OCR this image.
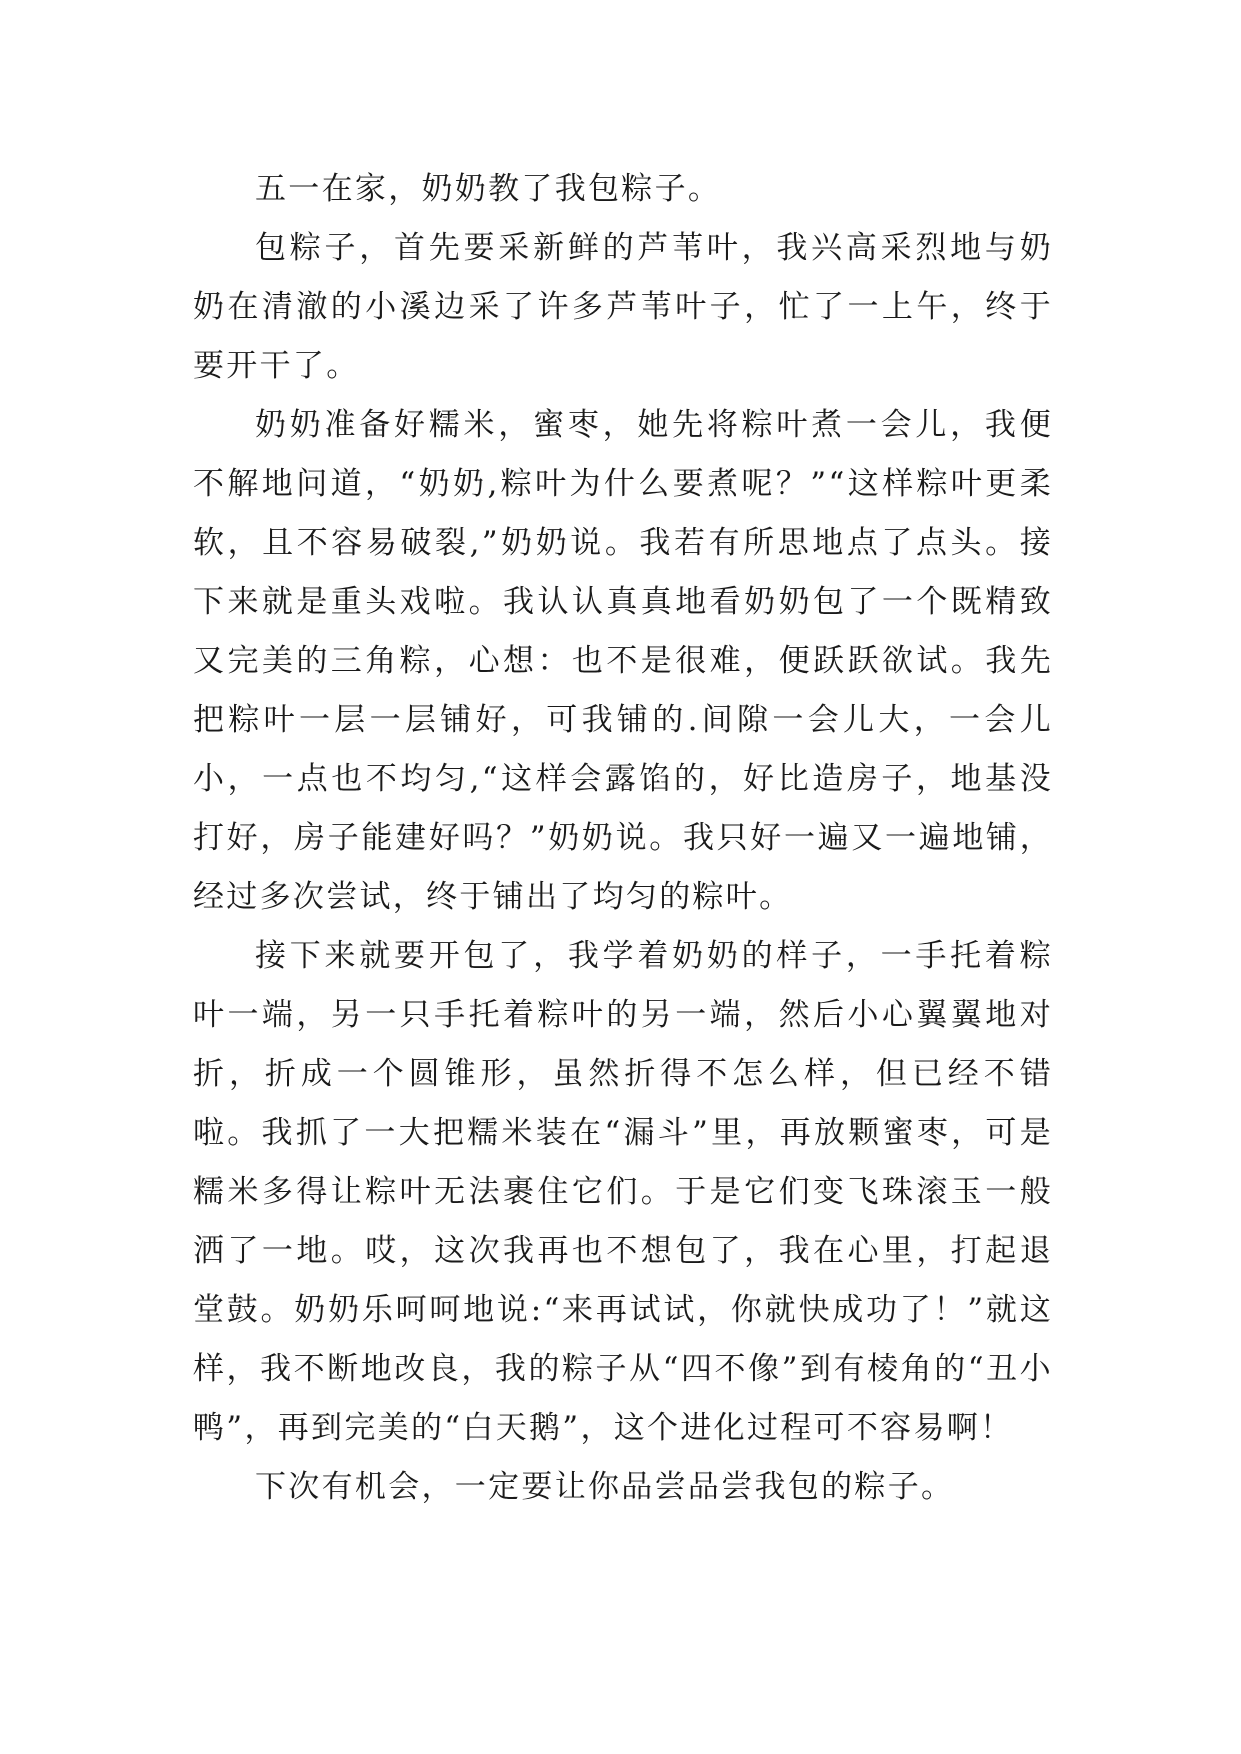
五一在家，奶奶教了我包粽子。

包粽子，首先要采新鲜的芦苇叶，我兴高采烈地与奶奶在清澈的小溪边采了许多芦苇叶子，忙了一上午，终于要开干了。

奶奶准备好糯米，蜜枣，她先将粽叶煮一会儿，我便不解地问道，“奶奶,粽叶为什么要煮呢？”“这样粽叶更柔软，且不容易破裂,”奶奶说。我若有所思地点了点头。接下来就是重头戏啦。我认认真真地看奶奶包了一个既精致又完美的三角粽，心想：也不是很难，便跃跃欲试。我先把粽叶一层一层铺好，可我铺的.间隙一会儿大，一会儿小，一点也不均匀,“这样会露馅的，好比造房子，地基没打好，房子能建好吗？”奶奶说。我只好一遍又一遍地铺，经过多次尝试，终于铺出了均匀的粽叶。

接下来就要开包了，我学着奶奶的样子，一手托着粽叶一端，另一只手托着粽叶的另一端，然后小心翼翼地对折，折成一个圆锥形，虽然折得不怎么样，但已经不错啦。我抓了一大把糯米装在“漏斗”里，再放颗蜜枣，可是糯米多得让粽叶无法裹住它们。于是它们变飞珠滚玉一般洒了一地。哎，这次我再也不想包了，我在心里，打起退堂鼓。奶奶乐呵呵地说:“来再试试，你就快成功了！”就这样，我不断地改良，我的粽子从“四不像”到有棱角的“丑小鸭”，再到完美的“白天鹅”，这个进化过程可不容易啊！

下次有机会，一定要让你品尝品尝我包的粽子。
